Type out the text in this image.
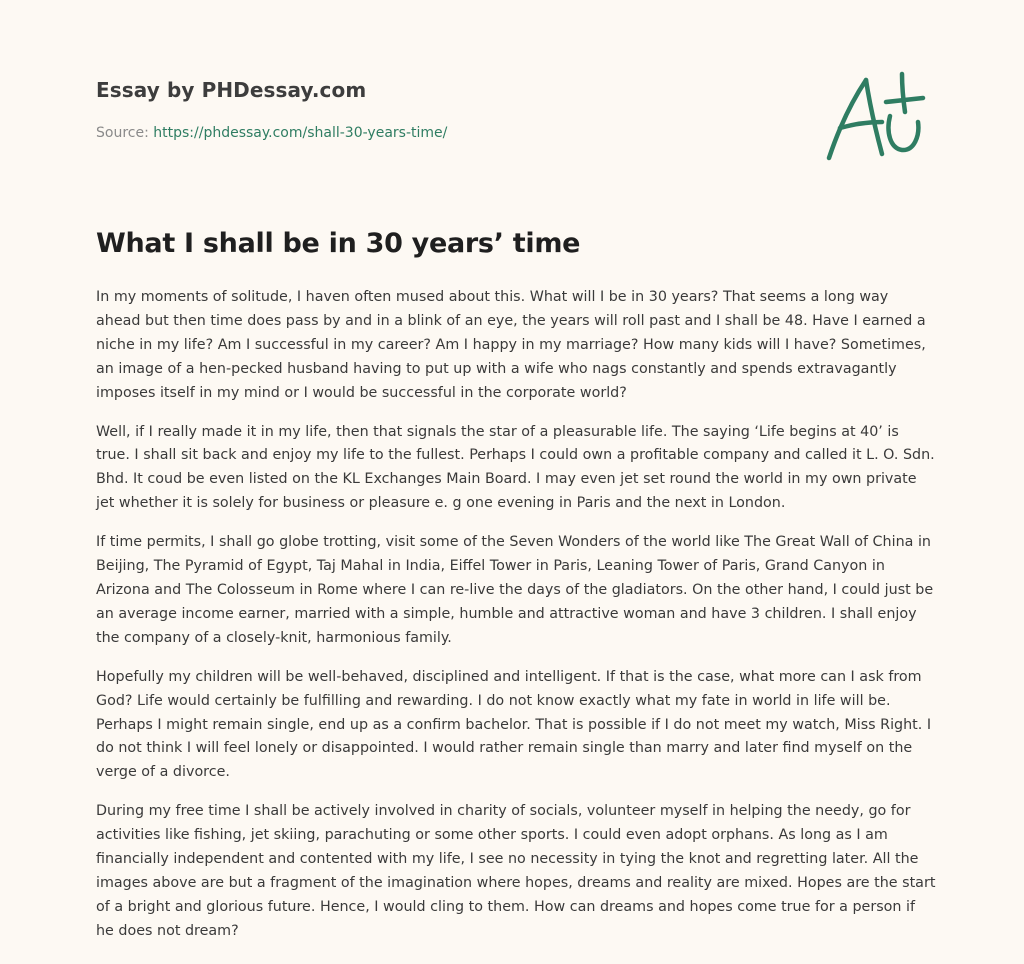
Essay by PHDessay.com
Source: https://phdessay.com/shall-30-years-time/
What I shall be in 30 years’ time

In my moments of solitude, I haven often mused about this. What will I be in 30 years? That seems a long way ahead but then time does pass by and in a blink of an eye, the years will roll past and I shall be 48. Have I earned a niche in my life? Am I successful in my career? Am I happy in my marriage? How many kids will I have? Sometimes, an image of a hen-pecked husband having to put up with a wife who nags constantly and spends extravagantly imposes itself in my mind or I would be successful in the corporate world?

Well, if I really made it in my life, then that signals the star of a pleasurable life. The saying ‘Life begins at 40’ is true. I shall sit back and enjoy my life to the fullest. Perhaps I could own a profitable company and called it L. O. Sdn. Bhd. It coud be even listed on the KL Exchanges Main Board. I may even jet set round the world in my own private jet whether it is solely for business or pleasure e. g one evening in Paris and the next in London.

If time permits, I shall go globe trotting, visit some of the Seven Wonders of the world like The Great Wall of China in Beijing, The Pyramid of Egypt, Taj Mahal in India, Eiffel Tower in Paris, Leaning Tower of Paris, Grand Canyon in Arizona and The Colosseum in Rome where I can re-live the days of the gladiators. On the other hand, I could just be an average income earner, married with a simple, humble and attractive woman and have 3 children. I shall enjoy the company of a closely-knit, harmonious family.

Hopefully my children will be well-behaved, disciplined and intelligent. If that is the case, what more can I ask from God? Life would certainly be fulfilling and rewarding. I do not know exactly what my fate in world in life will be. Perhaps I might remain single, end up as a confirm bachelor. That is possible if I do not meet my watch, Miss Right. I do not think I will feel lonely or disappointed. I would rather remain single than marry and later find myself on the verge of a divorce.

During my free time I shall be actively involved in charity of socials, volunteer myself in helping the needy, go for activities like fishing, jet skiing, parachuting or some other sports. I could even adopt orphans. As long as I am financially independent and contented with my life, I see no necessity in tying the knot and regretting later. All the images above are but a fragment of the imagination where hopes, dreams and reality are mixed. Hopes are the start of a bright and glorious future. Hence, I would cling to them. How can dreams and hopes come true for a person if he does not dream?
